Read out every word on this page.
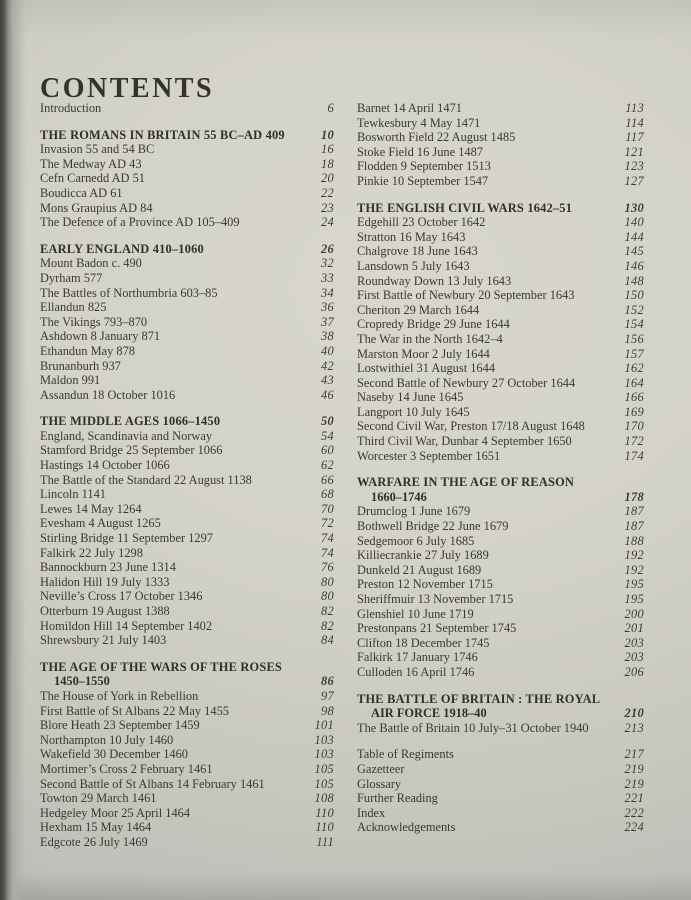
CONTENTS
Introduction	6
THE ROMANS IN BRITAIN 55 BC–AD 409	10
Invasion 55 and 54 BC	16
The Medway AD 43	18
Cefn Carnedd AD 51	20
Boudicca AD 61	22
Mons Graupius AD 84	23
The Defence of a Province AD 105–409	24
EARLY ENGLAND 410–1060	26
Mount Badon c. 490	32
Dyrham 577	33
The Battles of Northumbria 603–85	34
Ellandun 825	36
The Vikings 793–870	37
Ashdown 8 January 871	38
Ethandun May 878	40
Brunanburh 937	42
Maldon 991	43
Assandun 18 October 1016	46
THE MIDDLE AGES 1066–1450	50
England, Scandinavia and Norway	54
Stamford Bridge 25 September 1066	60
Hastings 14 October 1066	62
The Battle of the Standard 22 August 1138	66
Lincoln 1141	68
Lewes 14 May 1264	70
Evesham 4 August 1265	72
Stirling Bridge 11 September 1297	74
Falkirk 22 July 1298	74
Bannockburn 23 June 1314	76
Halidon Hill 19 July 1333	80
Neville’s Cross 17 October 1346	80
Otterburn 19 August 1388	82
Homildon Hill 14 September 1402	82
Shrewsbury 21 July 1403	84
THE AGE OF THE WARS OF THE ROSES
1450–1550	86
The House of York in Rebellion	97
First Battle of St Albans 22 May 1455	98
Blore Heath 23 September 1459	101
Northampton 10 July 1460	103
Wakefield 30 December 1460	103
Mortimer’s Cross 2 February 1461	105
Second Battle of St Albans 14 February 1461	105
Towton 29 March 1461	108
Hedgeley Moor 25 April 1464	110
Hexham 15 May 1464	110
Edgcote 26 July 1469	111
Barnet 14 April 1471	113
Tewkesbury 4 May 1471	114
Bosworth Field 22 August 1485	117
Stoke Field 16 June 1487	121
Flodden 9 September 1513	123
Pinkie 10 September 1547	127
THE ENGLISH CIVIL WARS 1642–51	130
Edgehill 23 October 1642	140
Stratton 16 May 1643	144
Chalgrove 18 June 1643	145
Lansdown 5 July 1643	146
Roundway Down 13 July 1643	148
First Battle of Newbury 20 September 1643	150
Cheriton 29 March 1644	152
Cropredy Bridge 29 June 1644	154
The War in the North 1642–4	156
Marston Moor 2 July 1644	157
Lostwithiel 31 August 1644	162
Second Battle of Newbury 27 October 1644	164
Naseby 14 June 1645	166
Langport 10 July 1645	169
Second Civil War, Preston 17/18 August 1648	170
Third Civil War, Dunbar 4 September 1650	172
Worcester 3 September 1651	174
WARFARE IN THE AGE OF REASON
1660–1746	178
Drumclog 1 June 1679	187
Bothwell Bridge 22 June 1679	187
Sedgemoor 6 July 1685	188
Killiecrankie 27 July 1689	192
Dunkeld 21 August 1689	192
Preston 12 November 1715	195
Sheriffmuir 13 November 1715	195
Glenshiel 10 June 1719	200
Prestonpans 21 September 1745	201
Clifton 18 December 1745	203
Falkirk 17 January 1746	203
Culloden 16 April 1746	206
THE BATTLE OF BRITAIN : THE ROYAL
AIR FORCE 1918–40	210
The Battle of Britain 10 July–31 October 1940	213
Table of Regiments	217
Gazetteer	219
Glossary	219
Further Reading	221
Index	222
Acknowledgements	224
